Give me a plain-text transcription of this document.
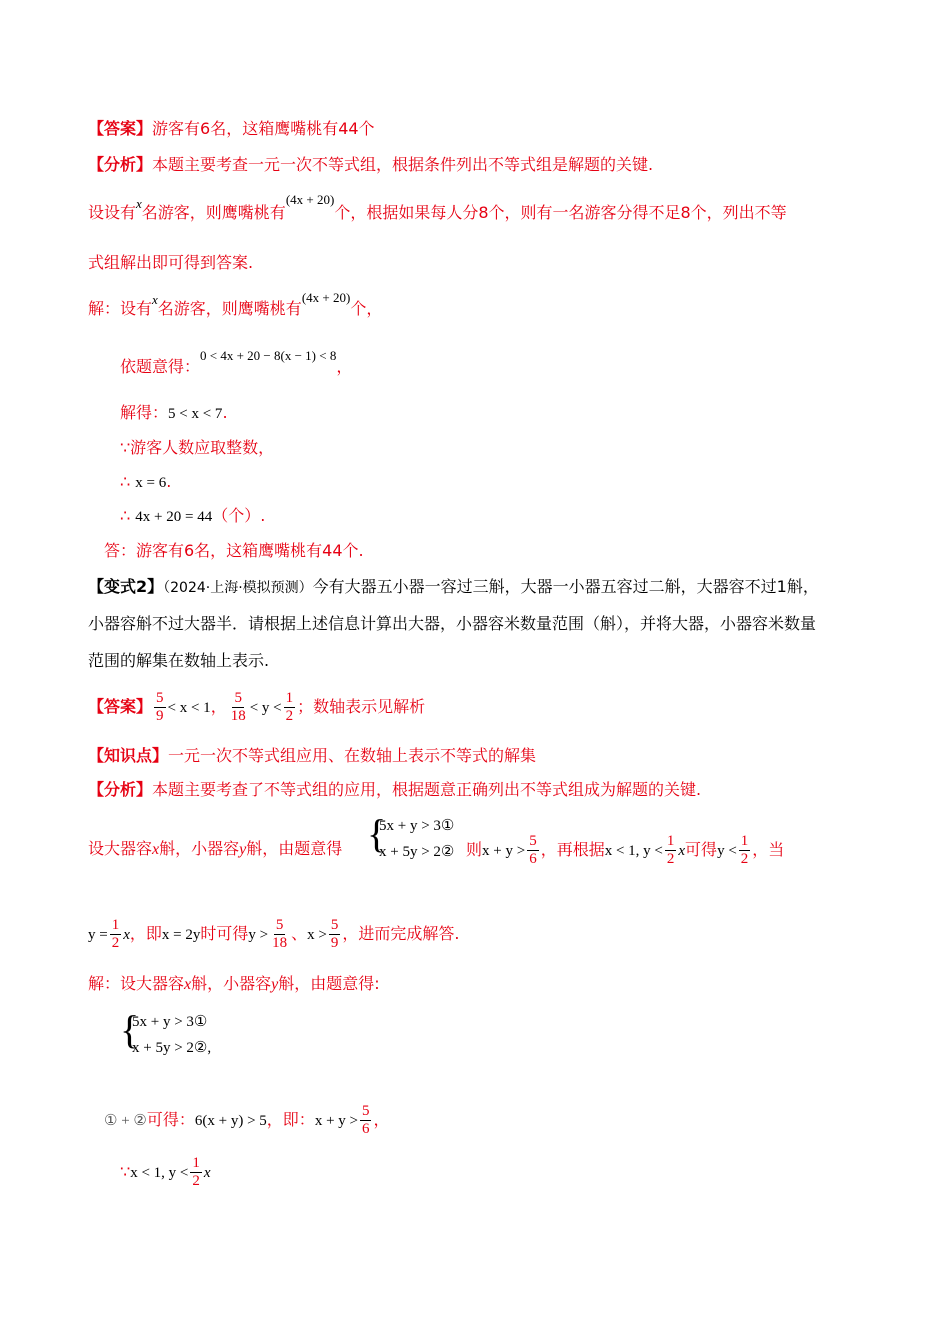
【答案】游客有6名，这箱鹰嘴桃有44个
【分析】本题主要考查一元一次不等式组，根据条件列出不等式组是解题的关键.
设设有$^x$名游客，则鹰嘴桃有$^{(4x + 20)}$个，根据如果每人分8个，则有一名游客分得不足8个，列出不等
式组解出即可得到答案.
解：设有$^x$名游客，则鹰嘴桃有$^{(4x + 20)}$个，
依题意得：$^{0 < 4x + 20 - 8(x - 1) < 8}$，
解得：5 < x < 7.
∵游客人数应取整数，
∴ x = 6.
∴ 4x + 20 = 44（个）.
答：游客有6名，这箱鹰嘴桃有44个.
【变式2】（2024·上海·模拟预测）今有大器五小器一容过三斛，大器一小器五容过二斛，大器容不过1斛，
小器容斛不过大器半．请根据上述信息计算出大器，小器容米数量范围（斛），并将大器，小器容米数量
范围的解集在数轴上表示.
【答案】 $\frac{5}{9} < x < 1$， $\frac{5}{18} < y < \frac{1}{2}$ ；数轴表示见解析
【知识点】一元一次不等式组应用、在数轴上表示不等式的解集
【分析】本题主要考查了不等式组的应用，根据题意正确列出不等式组成为解题的关键.
设大器容x斛，小器容y斛，由题意得 {
5x + y > 3①
x + 5y > 2② 则$x + y > \frac{5}{6}$ ，再根据x < 1, $y < \frac{1}{2}$ x可得$y < \frac{1}{2}$ ，当
$y = \frac{1}{2}$ x，即x = 2y时可得$y > \frac{5}{18}$ 、$x > \frac{5}{9}$ ，进而完成解答.
解：设大器容x斛，小器容y斛，由题意得:
{
5x + y > 3①
x + 5y > 2②,
① + ②可得：6(x + y) > 5，即：$x + y > \frac{5}{6}$ ，
∵x < 1, $y < \frac{1}{2}$ x
